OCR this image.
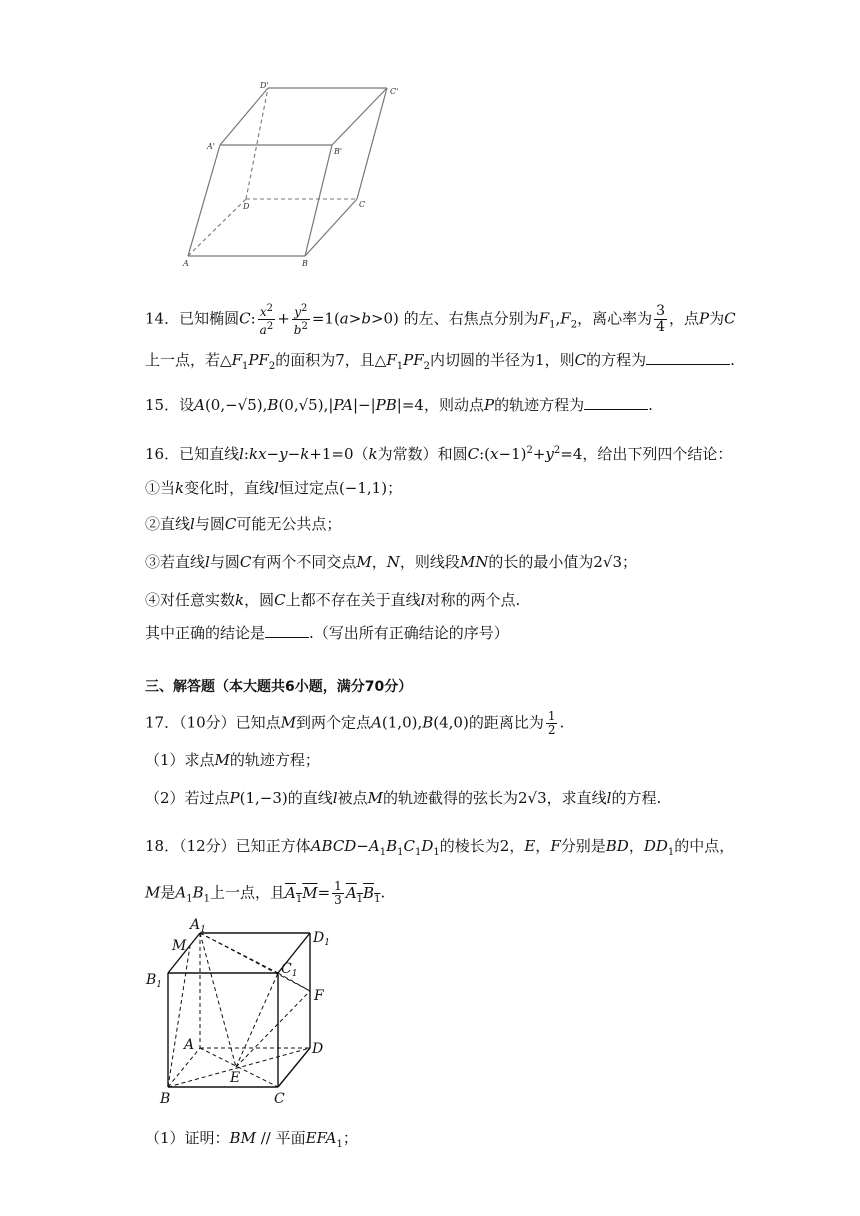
D'
C'
A'
B'
D	C
A	B
14．已知椭圆C: $\frac{x^2}{a^2} + \frac{y^2}{b^2} =1(a>b>0)$ 的左、右焦点分别为$F_1,F_2$，离心率为 $\frac{3}{4}$ ，点P为C
上一点，若$\triangle F_1PF_2$的面积为7，且$\triangle F_1PF_2$内切圆的半径为1，则C的方程为	.
15．设A(0,−√5),B(0,√5),|PA|−|PB|=4，则动点P的轨迹方程为	.
16．已知直线l:kx−y−k+1=0（k为常数）和圆$C:(x-1)^2+y^2=4$，给出下列四个结论：
①当k变化时，直线l恒过定点(−1,1)；
②直线l与圆C可能无公共点；
③若直线l与圆C有两个不同交点M，N，则线段MN的长的最小值为2√3；
④对任意实数k，圆C上都不存在关于直线l对称的两个点.
其中正确的结论是	.（写出所有正确结论的序号）
三、解答题（本大题共6小题，满分70分）
17．（10分）已知点M到两个定点A(1,0),B(4,0)的距离比为 $\frac{1}{2}$ .
（1）求点M的轨迹方程；
（2）若过点P(1,−3)的直线l被点M的轨迹截得的弦长为2√3，求直线l的方程.
18．（12分）已知正方体$ABCD-A_1B_1C_1D_1$的棱长为2，E，F分别是BD，$DD_1$的中点，
M是$A_1B_1$上一点，且$A_1M= \frac{1}{3} A_1B_1$.
$A_1$
M	$D_1$
$B_1$
$C_1$
F
A	D
E
B	C
（1）证明：BM // 平面$EFA_1$；
